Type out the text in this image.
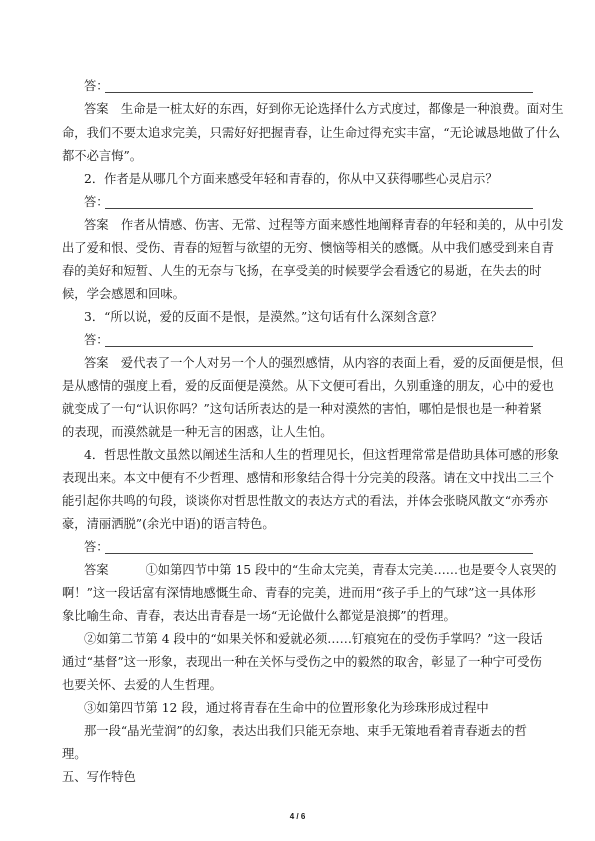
答：
答案　生命是一桩太好的东西，好到你无论选择什么方式度过，都像是一种浪费。面对生
命，我们不要太追求完美，只需好好把握青春，让生命过得充实丰富，“无论诚恳地做了什么
都不必言悔”。
2．作者是从哪几个方面来感受年轻和青春的，你从中又获得哪些心灵启示？
答：
答案　作者从情感、伤害、无常、过程等方面来感性地阐释青春的年轻和美的，从中引发
出了爱和恨、受伤、青春的短暂与欲望的无穷、懊恼等相关的感慨。从中我们感受到来自青
春的美好和短暂、人生的无奈与飞扬，在享受美的时候要学会看透它的易逝，在失去的时
候，学会感恩和回味。
3．“所以说，爱的反面不是恨，是漠然。”这句话有什么深刻含意？
答：
答案　爱代表了一个人对另一个人的强烈感情，从内容的表面上看，爱的反面便是恨，但
是从感情的强度上看，爱的反面便是漠然。从下文便可看出，久别重逢的朋友，心中的爱也
就变成了一句“认识你吗？”这句话所表达的是一种对漠然的害怕，哪怕是恨也是一种着紧
的表现，而漠然就是一种无言的困惑，让人生怕。
4．哲思性散文虽然以阐述生活和人生的哲理见长，但这哲理常常是借助具体可感的形象
表现出来。本文中便有不少哲理、感情和形象结合得十分完美的段落。请在文中找出二三个
能引起你共鸣的句段，谈谈你对哲思性散文的表达方式的看法，并体会张晓风散文“亦秀亦
豪，清丽洒脱”(余光中语)的语言特色。
答：
答案　　　①如第四节中第 15 段中的“生命太完美，青春太完美……也是要令人哀哭的
啊！”这一段话富有深情地感慨生命、青春的完美，进而用“孩子手上的气球”这一具体形
象比喻生命、青春，表达出青春是一场“无论做什么都觉是浪掷”的哲理。
②如第二节第 4 段中的“如果关怀和爱就必须……钉痕宛在的受伤手掌吗？”这一段话
通过“基督”这一形象，表现出一种在关怀与受伤之中的毅然的取舍，彰显了一种宁可受伤
也要关怀、去爱的人生哲理。
③如第四节第 12 段，通过将青春在生命中的位置形象化为珍珠形成过程中
那一段“晶光莹润”的幻象，表达出我们只能无奈地、束手无策地看着青春逝去的哲
理。
五、写作特色
4 / 6
